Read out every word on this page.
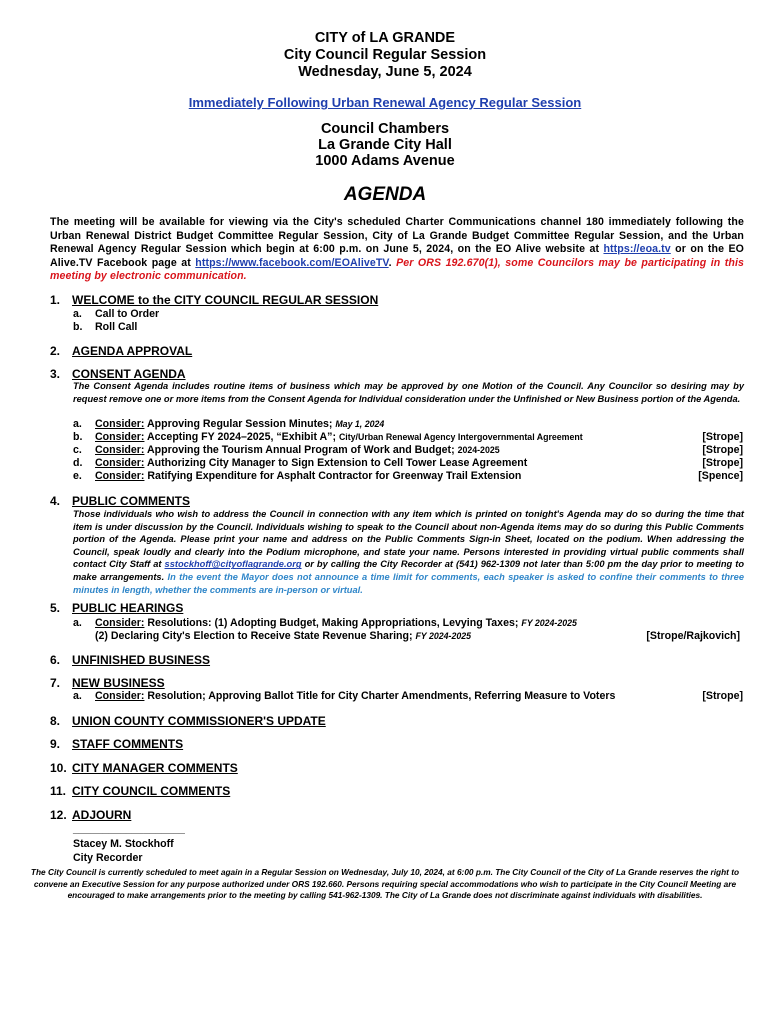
CITY of LA GRANDE
City Council Regular Session
Wednesday, June 5, 2024
Immediately Following Urban Renewal Agency Regular Session
Council Chambers
La Grande City Hall
1000 Adams Avenue
AGENDA
The meeting will be available for viewing via the City's scheduled Charter Communications channel 180 immediately following the Urban Renewal District Budget Committee Regular Session, City of La Grande Budget Committee Regular Session, and the Urban Renewal Agency Regular Session which begin at 6:00 p.m. on June 5, 2024, on the EO Alive website at https://eoa.tv or on the EO Alive.TV Facebook page at https://www.facebook.com/EOAliveTV. Per ORS 192.670(1), some Councilors may be participating in this meeting by electronic communication.
1. WELCOME to the CITY COUNCIL REGULAR SESSION
a. Call to Order
b. Roll Call
2. AGENDA APPROVAL
3. CONSENT AGENDA
The Consent Agenda includes routine items of business which may be approved by one Motion of the Council. Any Councilor so desiring may by request remove one or more items from the Consent Agenda for Individual consideration under the Unfinished or New Business portion of the Agenda.
a. Consider: Approving Regular Session Minutes; May 1, 2024
b. Consider: Accepting FY 2024–2025, “Exhibit A”; City/Urban Renewal Agency Intergovernmental Agreement	[Strope]
c. Consider: Approving the Tourism Annual Program of Work and Budget; 2024-2025	[Strope]
d. Consider: Authorizing City Manager to Sign Extension to Cell Tower Lease Agreement	[Strope]
e. Consider: Ratifying Expenditure for Asphalt Contractor for Greenway Trail Extension	[Spence]
4. PUBLIC COMMENTS
Those individuals who wish to address the Council in connection with any item which is printed on tonight's Agenda may do so during the time that item is under discussion by the Council. Individuals wishing to speak to the Council about non-Agenda items may do so during this Public Comments portion of the Agenda. Please print your name and address on the Public Comments Sign-in Sheet, located on the podium. When addressing the Council, speak loudly and clearly into the Podium microphone, and state your name. Persons interested in providing virtual public comments shall contact City Staff at sstockhoff@cityoflagrande.org or by calling the City Recorder at (541) 962-1309 not later than 5:00 pm the day prior to meeting to make arrangements. In the event the Mayor does not announce a time limit for comments, each speaker is asked to confine their comments to three minutes in length, whether the comments are in-person or virtual.
5. PUBLIC HEARINGS
a. Consider: Resolutions: (1) Adopting Budget, Making Appropriations, Levying Taxes; FY 2024-2025
(2) Declaring City's Election to Receive State Revenue Sharing; FY 2024-2025	[Strope/Rajkovich]
6. UNFINISHED BUSINESS
7. NEW BUSINESS
a. Consider: Resolution; Approving Ballot Title for City Charter Amendments, Referring Measure to Voters	[Strope]
8. UNION COUNTY COMMISSIONER'S UPDATE
9. STAFF COMMENTS
10. CITY MANAGER COMMENTS
11. CITY COUNCIL COMMENTS
12. ADJOURN
___________________
Stacey M. Stockhoff
City Recorder
The City Council is currently scheduled to meet again in a Regular Session on Wednesday, July 10, 2024, at 6:00 p.m. The City Council of the City of La Grande reserves the right to convene an Executive Session for any purpose authorized under ORS 192.660. Persons requiring special accommodations who wish to participate in the City Council Meeting are encouraged to make arrangements prior to the meeting by calling 541-962-1309. The City of La Grande does not discriminate against individuals with disabilities.
